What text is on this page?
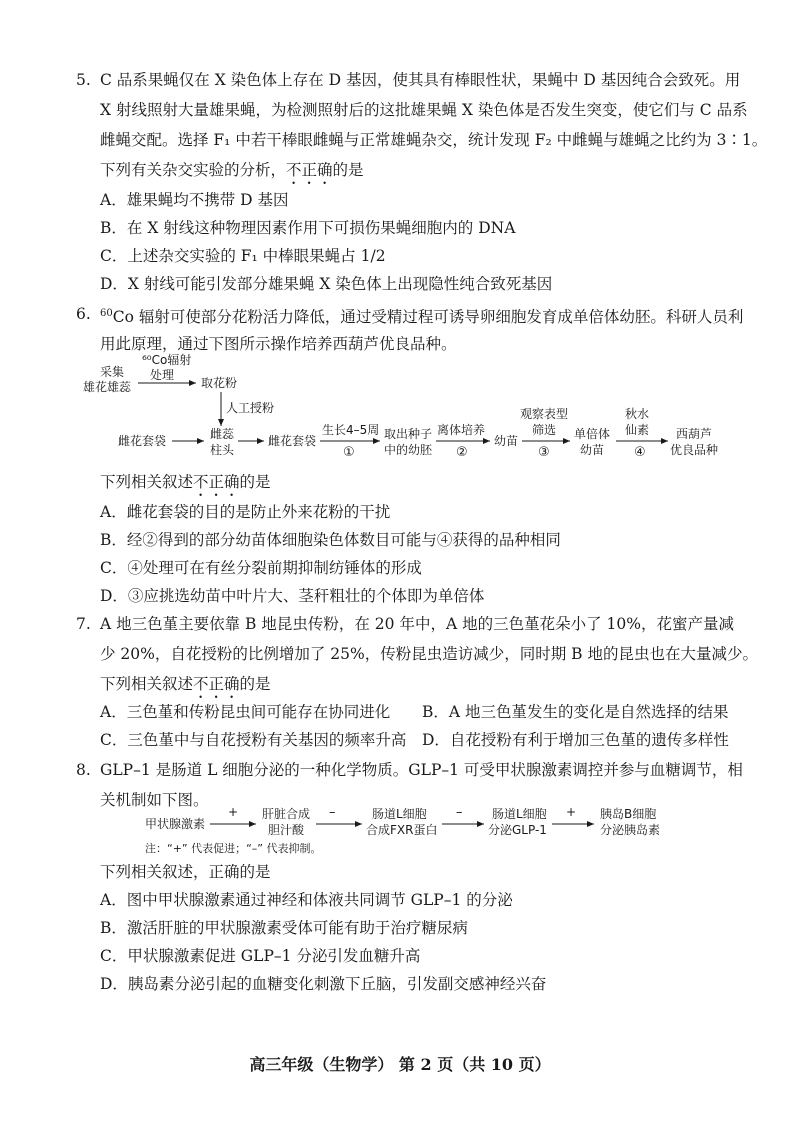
5. C 品系果蝇仅在 X 染色体上存在 D 基因，使其具有棒眼性状，果蝇中 D 基因纯合会致死。用
X 射线照射大量雄果蝇，为检测照射后的这批雄果蝇 X 染色体是否发生突变，使它们与 C 品系
雌蝇交配。选择 F₁ 中若干棒眼雌蝇与正常雄蝇杂交，统计发现 F₂ 中雌蝇与雄蝇之比约为 3∶1。
下列有关杂交实验的分析，不正确的是
A．雄果蝇均不携带 D 基因
B．在 X 射线这种物理因素作用下可损伤果蝇细胞内的 DNA
C．上述杂交实验的 F₁ 中棒眼果蝇占 1/2
D．X 射线可能引发部分雄果蝇 X 染色体上出现隐性纯合致死基因
6. $^{60}$Co 辐射可使部分花粉活力降低，通过受精过程可诱导卵细胞发育成单倍体幼胚。科研人员利
用此原理，通过下图所示操作培养西葫芦优良品种。
采集
雄花雄蕊
⁶⁰Co辐射
处理
取花粉
人工授粉
雌花套袋	雌蕊
柱头
雌花套袋
生长4–5周
①
取出种子
中的幼胚
离体培养
②
幼苗
观察表型
筛选
③
单倍体
幼苗
秋水
仙素
④
西葫芦
优良品种
下列相关叙述不正确的是
A．雌花套袋的目的是防止外来花粉的干扰
B．经②得到的部分幼苗体细胞染色体数目可能与④获得的品种相同
C．④处理可在有丝分裂前期抑制纺锤体的形成
D．③应挑选幼苗中叶片大、茎秆粗壮的个体即为单倍体
7. A 地三色堇主要依靠 B 地昆虫传粉，在 20 年中，A 地的三色堇花朵小了 10%，花蜜产量减
少 20%，自花授粉的比例增加了 25%，传粉昆虫造访减少，同时期 B 地的昆虫也在大量减少。
下列相关叙述不正确的是
A．三色堇和传粉昆虫间可能存在协同进化 B．A 地三色堇发生的变化是自然选择的结果
C．三色堇中与自花授粉有关基因的频率升高 D．自花授粉有利于增加三色堇的遗传多样性
8. GLP–1 是肠道 L 细胞分泌的一种化学物质。GLP–1 可受甲状腺激素调控并参与血糖调节，相
关机制如下图。
甲状腺激素
+ 肝脏合成
胆汁酸
–	肠道L细胞
合成FXR蛋白
– 肠道L细胞
分泌GLP-1
+ 胰岛B细胞
分泌胰岛素
注：“+” 代表促进；“–” 代表抑制。
下列相关叙述，正确的是
A．图中甲状腺激素通过神经和体液共同调节 GLP–1 的分泌
B．激活肝脏的甲状腺激素受体可能有助于治疗糖尿病
C．甲状腺激素促进 GLP–1 分泌引发血糖升高
D．胰岛素分泌引起的血糖变化刺激下丘脑，引发副交感神经兴奋
高三年级（生物学） 第 2 页（共 10 页）
